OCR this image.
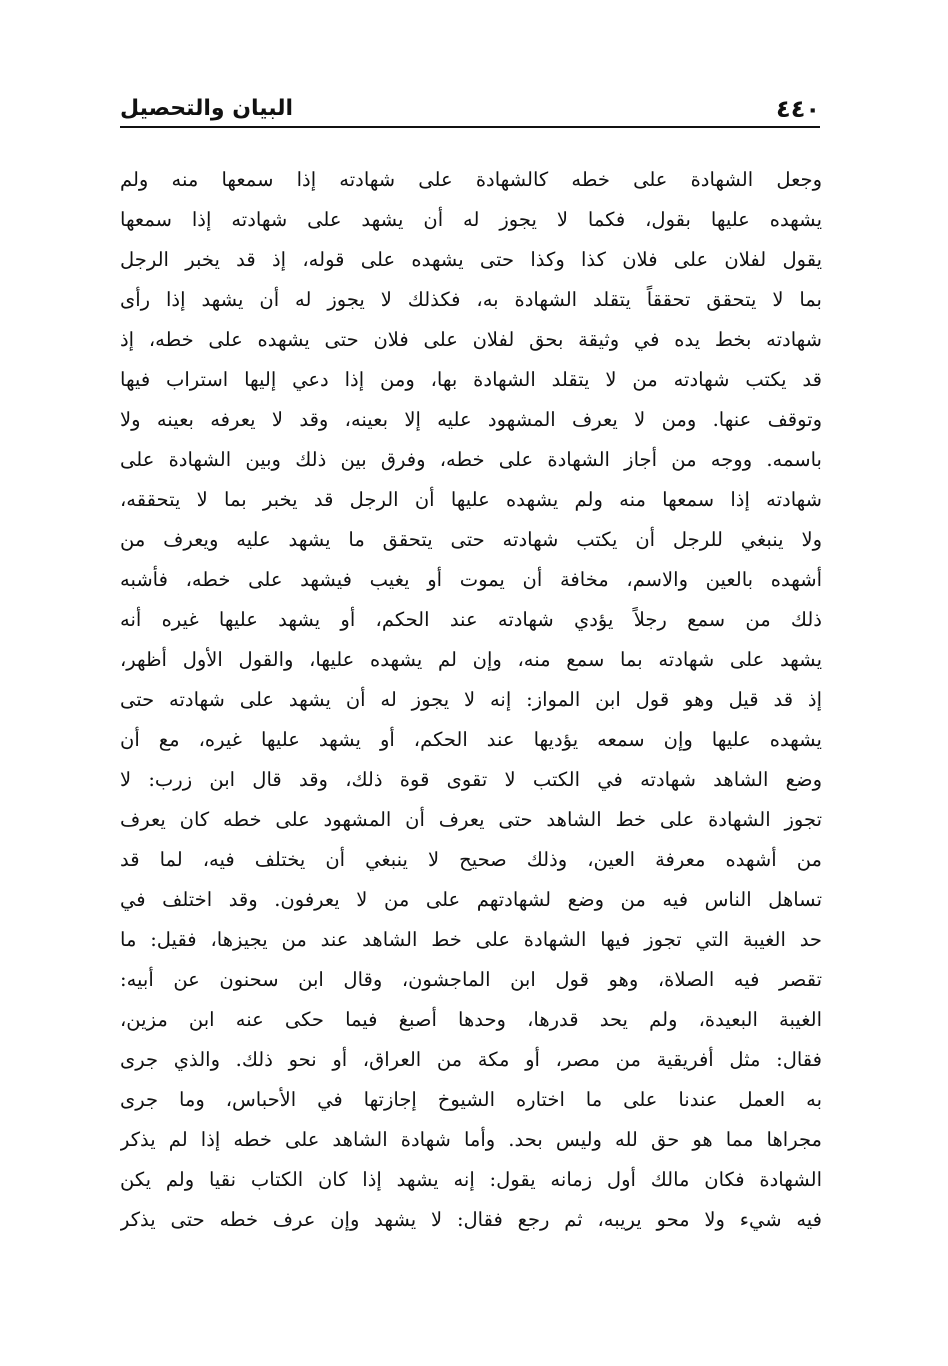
٤٤٠
البيان والتحصيل
وجعل الشهادة على خطه كالشهادة على شهادته إذا سمعها منه ولم
يشهده عليها بقول، فكما لا يجوز له أن يشهد على شهادته إذا سمعها
يقول لفلان على فلان كذا وكذا حتى يشهده على قوله، إذ قد يخبر الرجل
بما لا يتحقق تحققاً يتقلد الشهادة به، فكذلك لا يجوز له أن يشهد إذا رأى
شهادته بخط يده في وثيقة بحق لفلان على فلان حتى يشهده على خطه، إذ
قد يكتب شهادته من لا يتقلد الشهادة بها، ومن إذا دعي إليها استراب فيها
وتوقف عنها. ومن لا يعرف المشهود عليه إلا بعينه، وقد لا يعرفه بعينه ولا
باسمه. ووجه من أجاز الشهادة على خطه، وفرق بين ذلك وبين الشهادة على
شهادته إذا سمعها منه ولم يشهده عليها أن الرجل قد يخبر بما لا يتحققه،
ولا ينبغي للرجل أن يكتب شهادته حتى يتحقق ما يشهد عليه ويعرف من
أشهده بالعين والاسم، مخافة أن يموت أو يغيب فيشهد على خطه، فأشبه
ذلك من سمع رجلاً يؤدي شهادته عند الحكم، أو يشهد عليها غيره أنه
يشهد على شهادته بما سمع منه، وإن لم يشهده عليها، والقول الأول أظهر،
إذ قد قيل وهو قول ابن المواز: إنه لا يجوز له أن يشهد على شهادته حتى
يشهده عليها وإن سمعه يؤديها عند الحكم، أو يشهد عليها غيره، مع أن
وضع الشاهد شهادته في الكتب لا تقوى قوة ذلك، وقد قال ابن زرب: لا
تجوز الشهادة على خط الشاهد حتى يعرف أن المشهود على خطه كان يعرف
من أشهده معرفة العين، وذلك صحيح لا ينبغي أن يختلف فيه، لما قد
تساهل الناس فيه من وضع لشهادتهم على من لا يعرفون. وقد اختلف في
حد الغيبة التي تجوز فيها الشهادة على خط الشاهد عند من يجيزها، فقيل: ما
تقصر فيه الصلاة، وهو قول ابن الماجشون، وقال ابن سحنون عن أبيه:
الغيبة البعيدة، ولم يحد قدرها، وحدها أصبغ فيما حكى عنه ابن مزين،
فقال: مثل أفريقية من مصر، أو مكة من العراق، أو نحو ذلك. والذي جرى
به العمل عندنا على ما اختاره الشيوخ إجازتها في الأحباس، وما جرى
مجراها مما هو حق لله وليس بحد. وأما شهادة الشاهد على خطه إذا لم يذكر
الشهادة فكان مالك أول زمانه يقول: إنه يشهد إذا كان الكتاب نقيا ولم يكن
فيه شيء ولا محو يريبه، ثم رجع فقال: لا يشهد وإن عرف خطه حتى يذكر
